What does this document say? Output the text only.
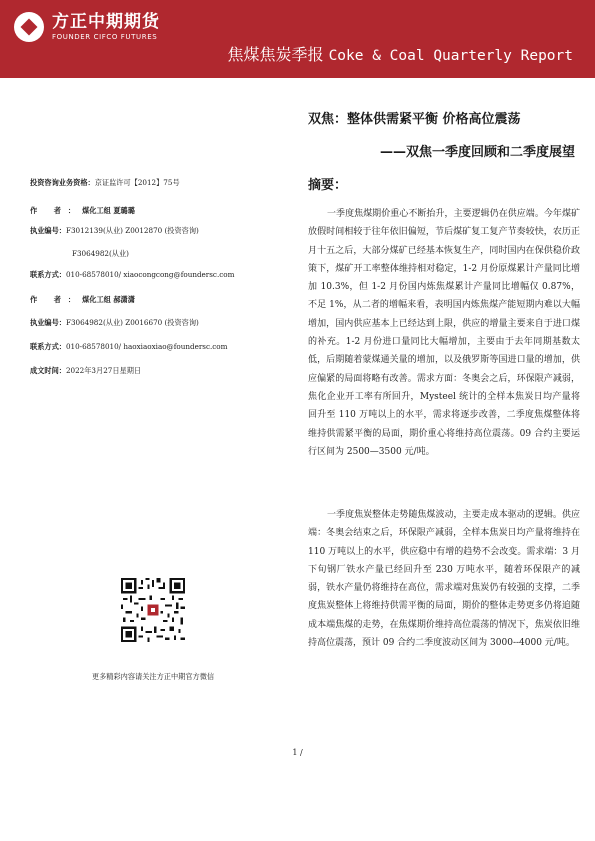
方正中期期货
FOUNDER CIFCO FUTURES
焦煤焦炭季报 Coke & Coal Quarterly Report
双焦：整体供需紧平衡 价格高位震荡
——双焦一季度回顾和二季度展望
摘要：

一季度焦煤期价重心不断抬升，主要逻辑仍在供应端。今年煤矿放假时间相较于往年依旧偏短，节后煤矿复工复产节奏较快，农历正月十五之后，大部分煤矿已经基本恢复生产，同时国内在保供稳价政策下，煤矿开工率整体维持相对稳定，1-2 月份原煤累计产量同比增加 10.3%，但 1-2 月份国内炼焦煤累计产量同比增幅仅 0.87%，不足 1%，从二者的增幅来看，表明国内炼焦煤产能短期内难以大幅增加，国内供应基本上已经达到上限，供应的增量主要来自于进口煤的补充。1-2 月份进口量同比大幅增加，主要由于去年同期基数太低，后期随着蒙煤通关量的增加，以及俄罗斯等国进口量的增加，供应偏紧的局面将略有改善。需求方面：冬奥会之后，环保限产减弱，焦化企业开工率有所回升，Mysteel 统计的全样本焦炭日均产量将回升至 110 万吨以上的水平，需求将逐步改善，二季度焦煤整体将维持供需紧平衡的局面，期价重心将维持高位震荡。09 合约主要运行区间为 2500—3500 元/吨。

一季度焦炭整体走势随焦煤波动，主要走成本驱动的逻辑。供应端：冬奥会结束之后，环保限产减弱，全样本焦炭日均产量将维持在 110 万吨以上的水平，供应稳中有增的趋势不会改变。需求端：3 月下旬钢厂铁水产量已经回升至 230 万吨水平，随着环保限产的减弱，铁水产量仍将维持在高位，需求端对焦炭仍有较强的支撑，二季度焦炭整体上将维持供需平衡的局面，期价的整体走势更多仍将追随成本端焦煤的走势，在焦煤期价维持高位震荡的情况下，焦炭依旧维持高位震荡，预计 09 合约二季度波动区间为 3000--4000 元/吨。

投资咨询业务资格：京证监许可【2012】75号
作 者：煤化工组 夏璐璐
执业编号：F3012139(从业) Z0012870 (投资咨询)
F3064982(从业)
联系方式：010-68578010/ xiaocongcong@foundersc.com
作 者：煤化工组 郝潇潇
执业编号：F3064982(从业) Z0016670 (投资咨询)
联系方式：010-68578010/ haoxiaoxiao@foundersc.com
成文时间：2022年3月27日星期日
更多精彩内容请关注方正中期官方微信
1 /
